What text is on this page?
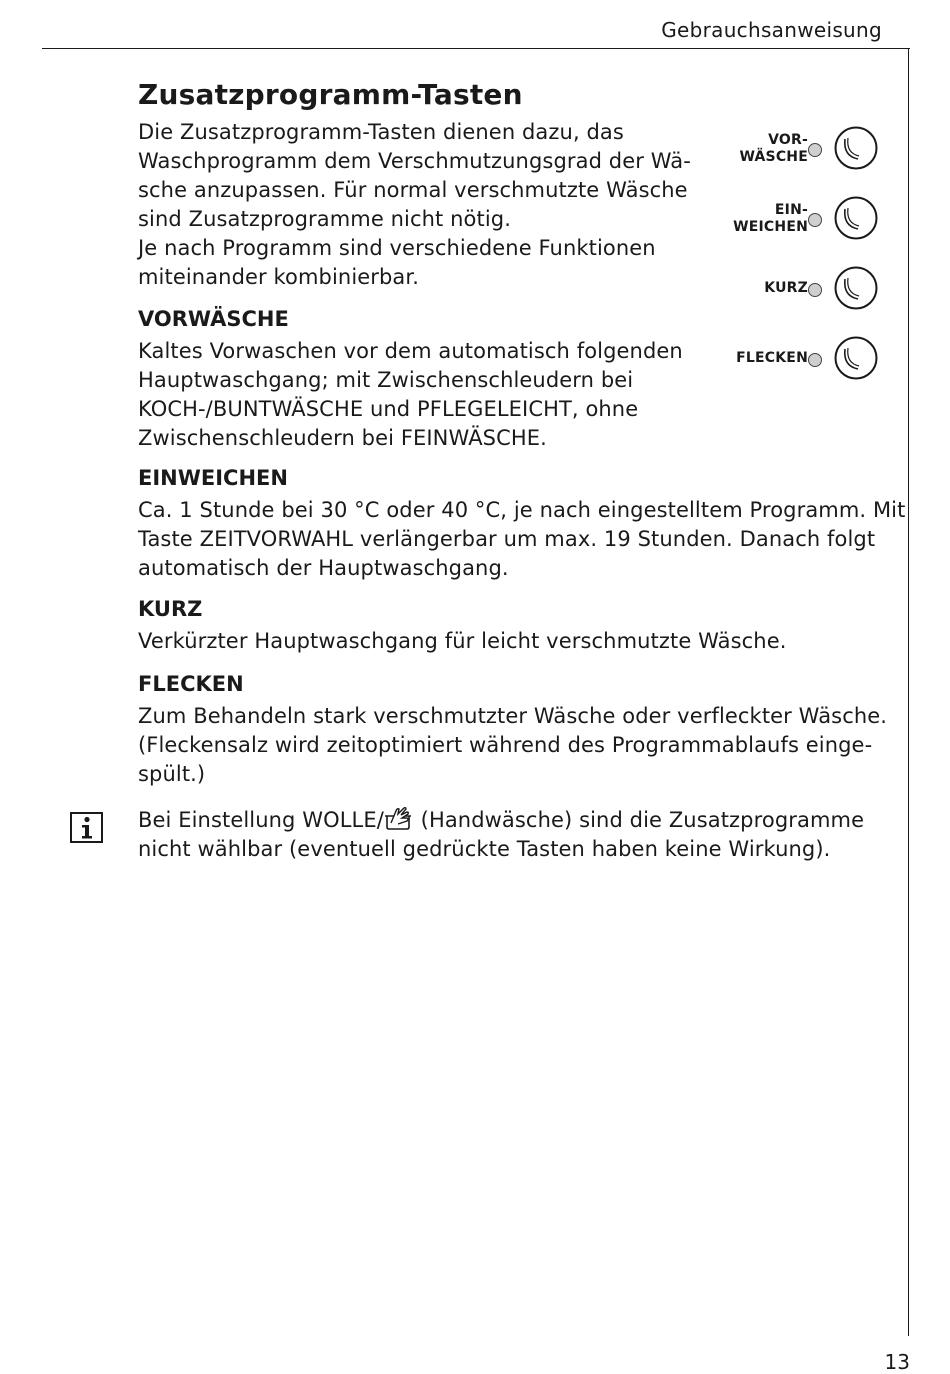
Gebrauchsanweisung
Zusatzprogramm-Tasten
Die Zusatzprogramm-Tasten dienen dazu, das
Waschprogramm dem Verschmutzungsgrad der Wä-
sche anzupassen. Für normal verschmutzte Wäsche
sind Zusatzprogramme nicht nötig.
Je nach Programm sind verschiedene Funktionen
miteinander kombinierbar.
VOR-
WÄSCHE
EIN-
WEICHEN
KURZ
FLECKEN
VORWÄSCHE
Kaltes Vorwaschen vor dem automatisch folgenden
Hauptwaschgang; mit Zwischenschleudern bei
KOCH-/BUNTWÄSCHE und PFLEGELEICHT, ohne
Zwischenschleudern bei FEINWÄSCHE.
EINWEICHEN
Ca. 1 Stunde bei 30 °C oder 40 °C, je nach eingestelltem Programm. Mit
Taste ZEITVORWAHL verlängerbar um max. 19 Stunden. Danach folgt
automatisch der Hauptwaschgang.
KURZ
Verkürzter Hauptwaschgang für leicht verschmutzte Wäsche.
FLECKEN
Zum Behandeln stark verschmutzter Wäsche oder verfleckter Wäsche.
(Fleckensalz wird zeitoptimiert während des Programmablaufs einge-
spült.)
Bei Einstellung WOLLE/ (Handwäsche) sind die Zusatzprogramme
nicht wählbar (eventuell gedrückte Tasten haben keine Wirkung).
13
